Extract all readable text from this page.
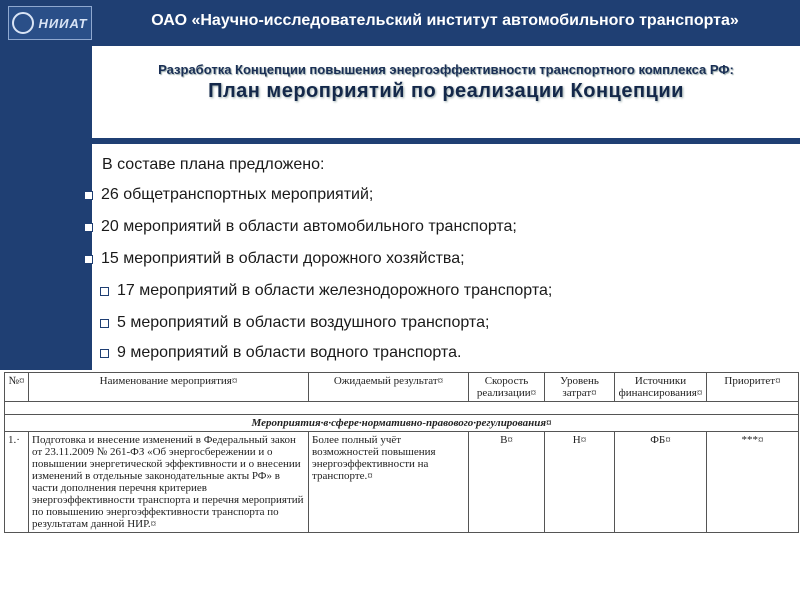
НИИАТ	ОАО «Научно-исследовательский институт автомобильного транспорта»
Разработка Концепции повышения энергоэффективности транспортного комплекса РФ:
План мероприятий по реализации Концепции
В составе плана предложено:
26 общетранспортных мероприятий;
20 мероприятий в области автомобильного транспорта;
15 мероприятий в области дорожного хозяйства;
17 мероприятий в области железнодорожного транспорта;
5 мероприятий в области воздушного транспорта;
9 мероприятий в области водного транспорта.
№¤	Наименование мероприятия¤	Ожидаемый результат¤	Скорость реализации¤	Уровень затрат¤	Источники финансирования¤	Приоритет¤

Мероприятия·в·сфере·нормативно-правового·регулирования¤						
1.·	Подготовка и внесение изменений в Федеральный закон от 23.11.2009 № 261-ФЗ «Об энергосбережении и о повышении энергетической эффективности и о внесении изменений в отдельные законодательные акты РФ» в части дополнения перечня критериев энергоэффективности транспорта и перечня мероприятий по повышению энергоэффективности транспорта по результатам данной НИР.¤	Более полный учёт возможностей повышения энергоэффективности на транспорте.¤	В¤	Н¤	ФБ¤	***¤
